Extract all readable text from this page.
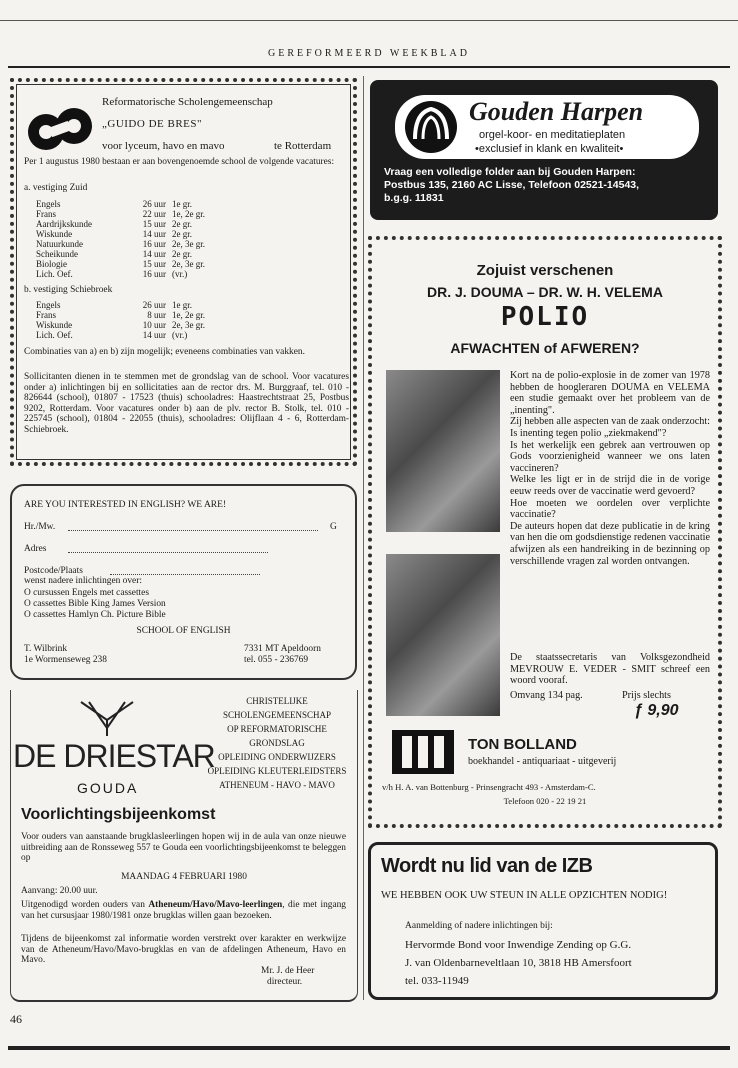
GEREFORMEERD WEEKBLAD
Reformatorische Scholengemeenschap
„GUIDO DE BRES"
voor lyceum, havo en mavo	te Rotterdam
Per 1 augustus 1980 bestaan er aan bovengenoemde school de volgende vacatures:
a. vestiging Zuid
Engels	26 uur 1e gr.
Frans	22 uur 1e, 2e gr.
Aardrijkskunde	15 uur 2e gr.
Wiskunde	14 uur 2e gr.
Natuurkunde	16 uur 2e, 3e gr.
Scheikunde	14 uur 2e gr.
Biologie	15 uur 2e, 3e gr.
Lich. Oef.	16 uur (vr.)
b. vestiging Schiebroek
Engels	26 uur 1e gr.
Frans	8 uur 1e, 2e gr.
Wiskunde	10 uur 2e, 3e gr.
Lich. Oef.	14 uur (vr.)
Combinaties van a) en b) zijn mogelijk; eveneens combinaties van vakken.
Sollicitanten dienen in te stemmen met de grondslag van de school. Voor vacatures onder a) inlichtingen bij en sollicitaties aan de rector drs. M. Burggraaf, tel. 010 - 826644 (school), 01807 - 17523 (thuis) schooladres: Haastrechtstraat 25, Postbus 9202, Rotterdam. Voor vacatures onder b) aan de plv. rector B. Stolk, tel. 010 - 225745 (school), 01804 - 22055 (thuis), schooladres: Olijflaan 4 - 6, Rotterdam-Schiebroek.
ARE YOU INTERESTED IN ENGLISH? WE ARE!
Hr./Mw.	G
Adres
Postcode/Plaats
wenst nadere inlichtingen over:
O cursussen Engels met cassettes
O cassettes Bible King James Version
O cassettes Hamlyn Ch. Picture Bible
SCHOOL OF ENGLISH
T. Wilbrink
1e Wormenseweg 238
7331 MT Apeldoorn
tel. 055 - 236769
DE DRIESTAR
GOUDA
CHRISTELIJKE
SCHOLENGEMEENSCHAP
OP REFORMATORISCHE
GRONDSLAG
OPLEIDING ONDERWIJZERS
OPLEIDING KLEUTERLEIDSTERS
ATHENEUM - HAVO - MAVO
Voorlichtingsbijeenkomst
Voor ouders van aanstaande brugklasleerlingen hopen wij in de aula van onze nieuwe uitbreiding aan de Ronsseweg 557 te Gouda een voorlichtingsbijeenkomst te beleggen op
MAANDAG 4 FEBRUARI 1980
Aanvang: 20.00 uur.
Uitgenodigd worden ouders van Atheneum/Havo/Mavo-leerlingen, die met ingang van het cursusjaar 1980/1981 onze brugklas willen gaan bezoeken.
Tijdens de bijeenkomst zal informatie worden verstrekt over karakter en werkwijze van de Atheneum/Havo/Mavo-brugklas en van de afdelingen Atheneum, Havo en Mavo.
Mr. J. de Heer
directeur.
Gouden Harpen
orgel-koor- en meditatieplaten
•exclusief in klank en kwaliteit•
Vraag een volledige folder aan bij Gouden Harpen:
Postbus 135, 2160 AC Lisse, Telefoon 02521-14543,
b.g.g. 11831
Zojuist verschenen
DR. J. DOUMA – DR. W. H. VELEMA
POLIO
AFWACHTEN of AFWEREN?
Kort na de polio-explosie in de zomer van 1978 hebben de hoogleraren DOUMA en VELEMA een studie gemaakt over het probleem van de „inenting".
Zij hebben alle aspecten van de zaak onderzocht: Is inenting tegen polio „ziekmakend"?
Is het werkelijk een gebrek aan vertrouwen op Gods voorzienigheid wanneer we ons laten vaccineren?
Welke les ligt er in de strijd die in de vorige eeuw reeds over de vaccinatie werd gevoerd?
Hoe moeten we oordelen over verplichte vaccinatie?
De auteurs hopen dat deze publicatie in de kring van hen die om godsdienstige redenen vaccinatie afwijzen als een handreiking in de bezinning op verschillende vragen zal worden ontvangen.
De staatssecretaris van Volksgezondheid MEVROUW E. VEDER - SMIT schreef een woord vooraf.
Omvang 134 pag.	Prijs slechts
ƒ 9,90
TON BOLLAND
boekhandel - antiquariaat - uitgeverij
v/h H. A. van Bottenburg - Prinsengracht 493 - Amsterdam-C.
Telefoon 020 - 22 19 21
Wordt nu lid van de IZB
WE HEBBEN OOK UW STEUN IN ALLE OPZICHTEN NODIG!
Aanmelding of nadere inlichtingen bij:
Hervormde Bond voor Inwendige Zending op G.G.
J. van Oldenbarneveltlaan 10, 3818 HB Amersfoort
tel. 033-11949
46
